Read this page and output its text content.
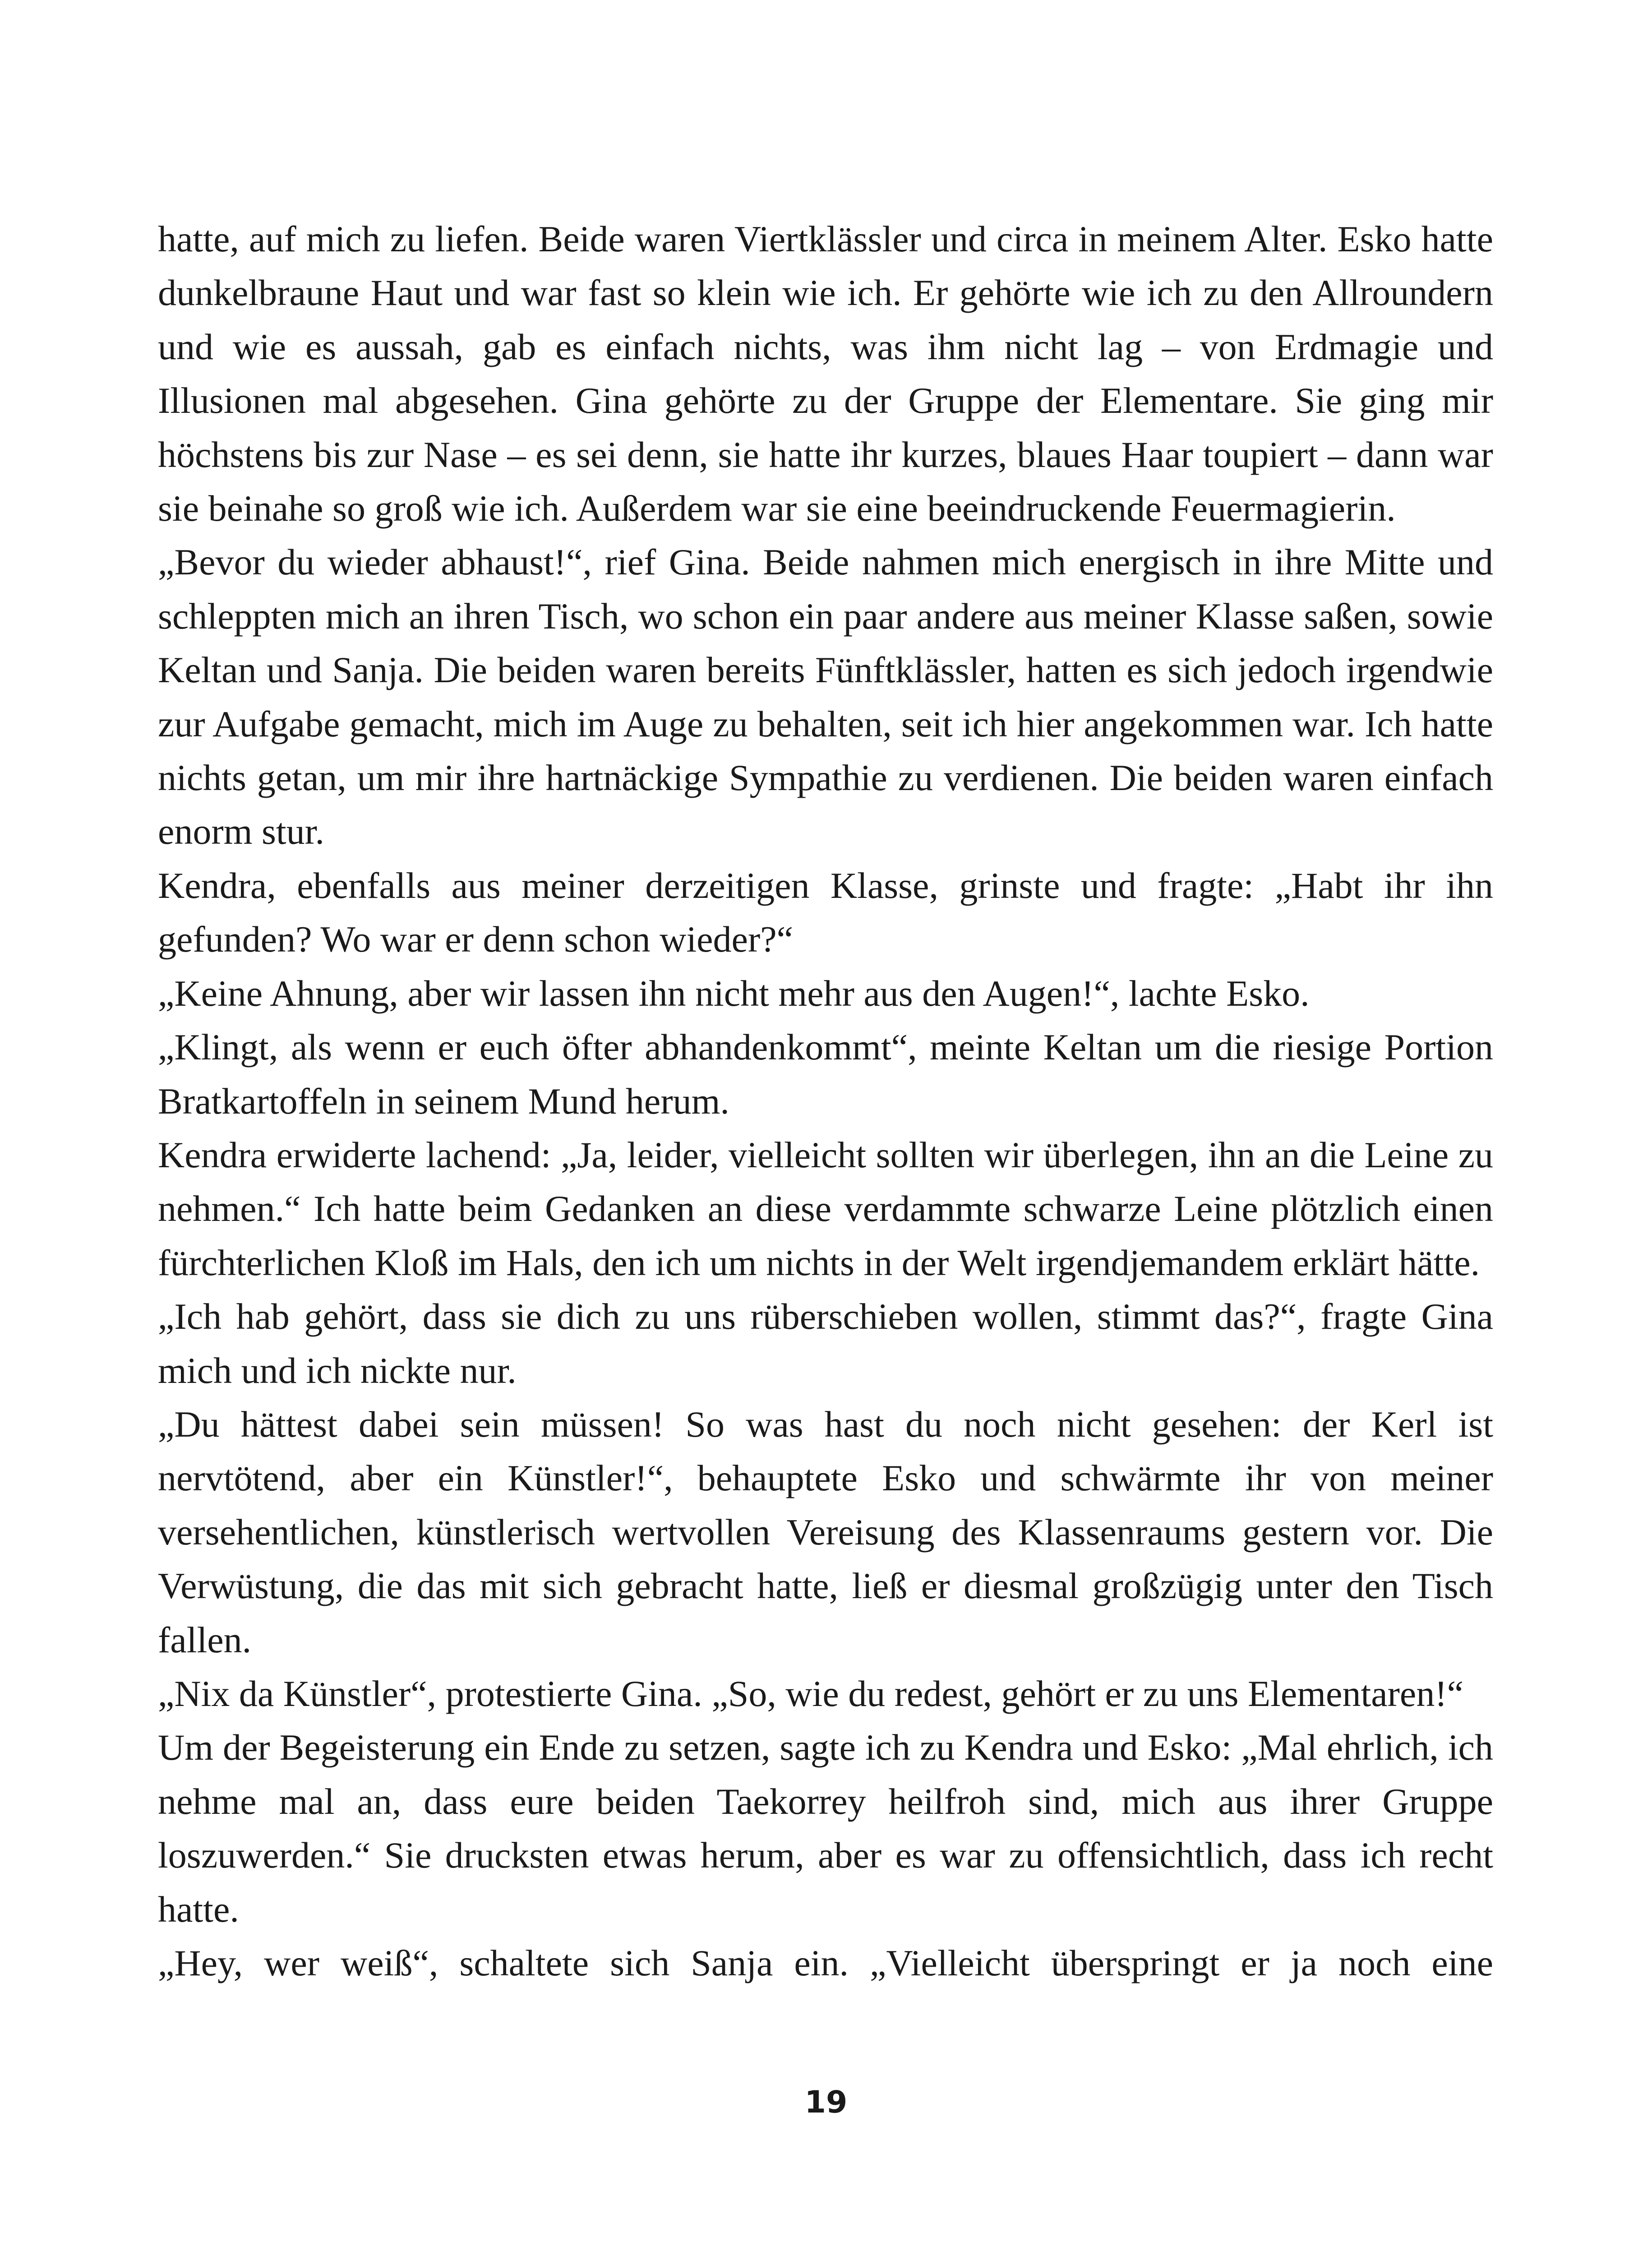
hatte, auf mich zu liefen. Beide waren Viertklässler und circa in meinem Alter. Esko hatte dunkelbraune Haut und war fast so klein wie ich. Er gehörte wie ich zu den Allroundern und wie es aussah, gab es einfach nichts, was ihm nicht lag – von Erdmagie und Illusionen mal abgesehen. Gina gehörte zu der Gruppe der Elementare. Sie ging mir höchstens bis zur Nase – es sei denn, sie hatte ihr kurzes, blaues Haar toupiert – dann war sie beinahe so groß wie ich. Außerdem war sie eine beeindruckende Feuermagierin.

„Bevor du wieder abhaust!“, rief Gina. Beide nahmen mich energisch in ihre Mitte und schleppten mich an ihren Tisch, wo schon ein paar andere aus meiner Klasse saßen, sowie Keltan und Sanja. Die beiden waren bereits Fünftklässler, hatten es sich jedoch irgendwie zur Aufgabe gemacht, mich im Auge zu behalten, seit ich hier angekommen war. Ich hatte nichts getan, um mir ihre hartnäckige Sympathie zu verdienen. Die beiden waren einfach enorm stur.

Kendra, ebenfalls aus meiner derzeitigen Klasse, grinste und fragte: „Habt ihr ihn gefunden? Wo war er denn schon wieder?“

„Keine Ahnung, aber wir lassen ihn nicht mehr aus den Augen!“, lachte Esko.

„Klingt, als wenn er euch öfter abhandenkommt“, meinte Keltan um die riesige Portion Bratkartoffeln in seinem Mund herum.

Kendra erwiderte lachend: „Ja, leider, vielleicht sollten wir überlegen, ihn an die Leine zu nehmen.“ Ich hatte beim Gedanken an diese verdammte schwarze Leine plötzlich einen fürchterlichen Kloß im Hals, den ich um nichts in der Welt irgendjemandem erklärt hätte.

„Ich hab gehört, dass sie dich zu uns rüberschieben wollen, stimmt das?“, fragte Gina mich und ich nickte nur.

„Du hättest dabei sein müssen! So was hast du noch nicht gesehen: der Kerl ist nervtötend, aber ein Künstler!“, behauptete Esko und schwärmte ihr von meiner versehentlichen, künstlerisch wertvollen Vereisung des Klassenraums gestern vor. Die Verwüstung, die das mit sich gebracht hatte, ließ er diesmal großzügig unter den Tisch fallen.

„Nix da Künstler“, protestierte Gina. „So, wie du redest, gehört er zu uns Elementaren!“

Um der Begeisterung ein Ende zu setzen, sagte ich zu Kendra und Esko: „Mal ehrlich, ich nehme mal an, dass eure beiden Taekorrey heilfroh sind, mich aus ihrer Gruppe loszuwerden.“ Sie drucksten etwas herum, aber es war zu offensichtlich, dass ich recht hatte.

„Hey, wer weiß“, schaltete sich Sanja ein. „Vielleicht überspringt er ja noch eine

19
